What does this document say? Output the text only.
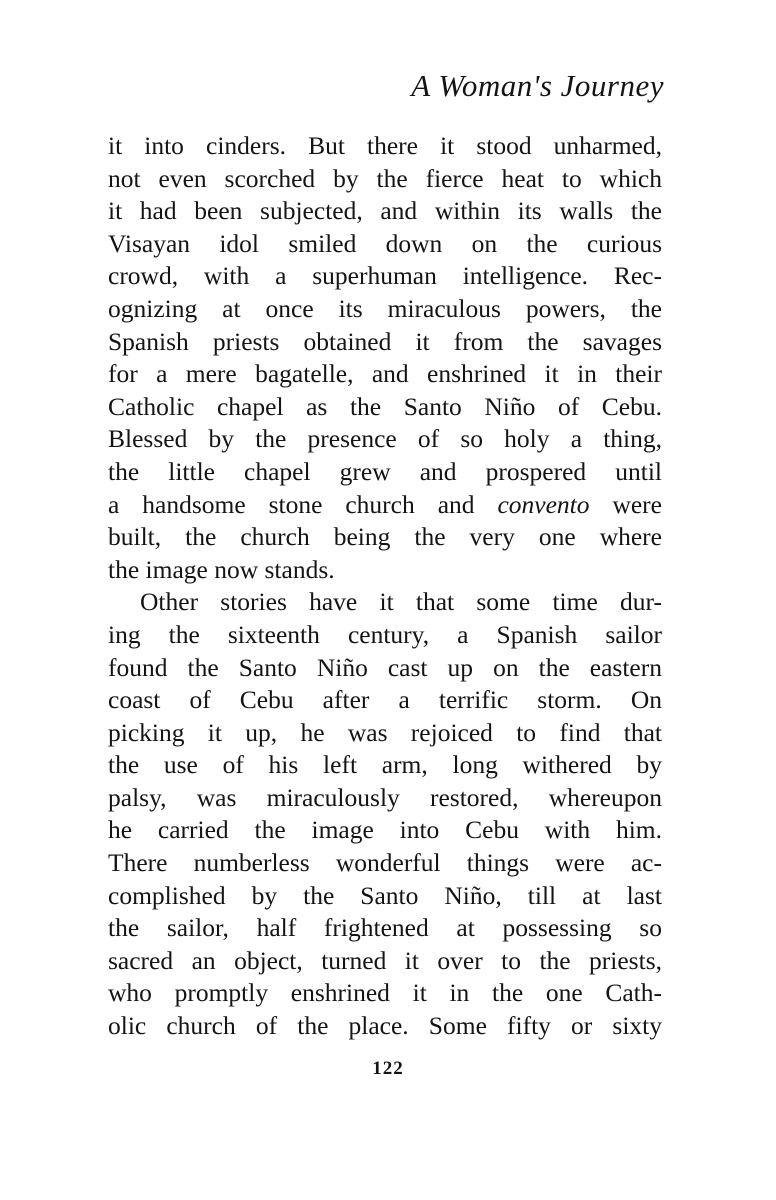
A Woman's Journey
it into cinders. But there it stood unharmed,
not even scorched by the fierce heat to which
it had been subjected, and within its walls the
Visayan idol smiled down on the curious
crowd, with a superhuman intelligence. Rec-
ognizing at once its miraculous powers, the
Spanish priests obtained it from the savages
for a mere bagatelle, and enshrined it in their
Catholic chapel as the Santo Niño of Cebu.
Blessed by the presence of so holy a thing,
the little chapel grew and prospered until
a handsome stone church and convento were
built, the church being the very one where
the image now stands.
Other stories have it that some time dur-
ing the sixteenth century, a Spanish sailor
found the Santo Niño cast up on the eastern
coast of Cebu after a terrific storm. On
picking it up, he was rejoiced to find that
the use of his left arm, long withered by
palsy, was miraculously restored, whereupon
he carried the image into Cebu with him.
There numberless wonderful things were ac-
complished by the Santo Niño, till at last
the sailor, half frightened at possessing so
sacred an object, turned it over to the priests,
who promptly enshrined it in the one Cath-
olic church of the place. Some fifty or sixty
122
